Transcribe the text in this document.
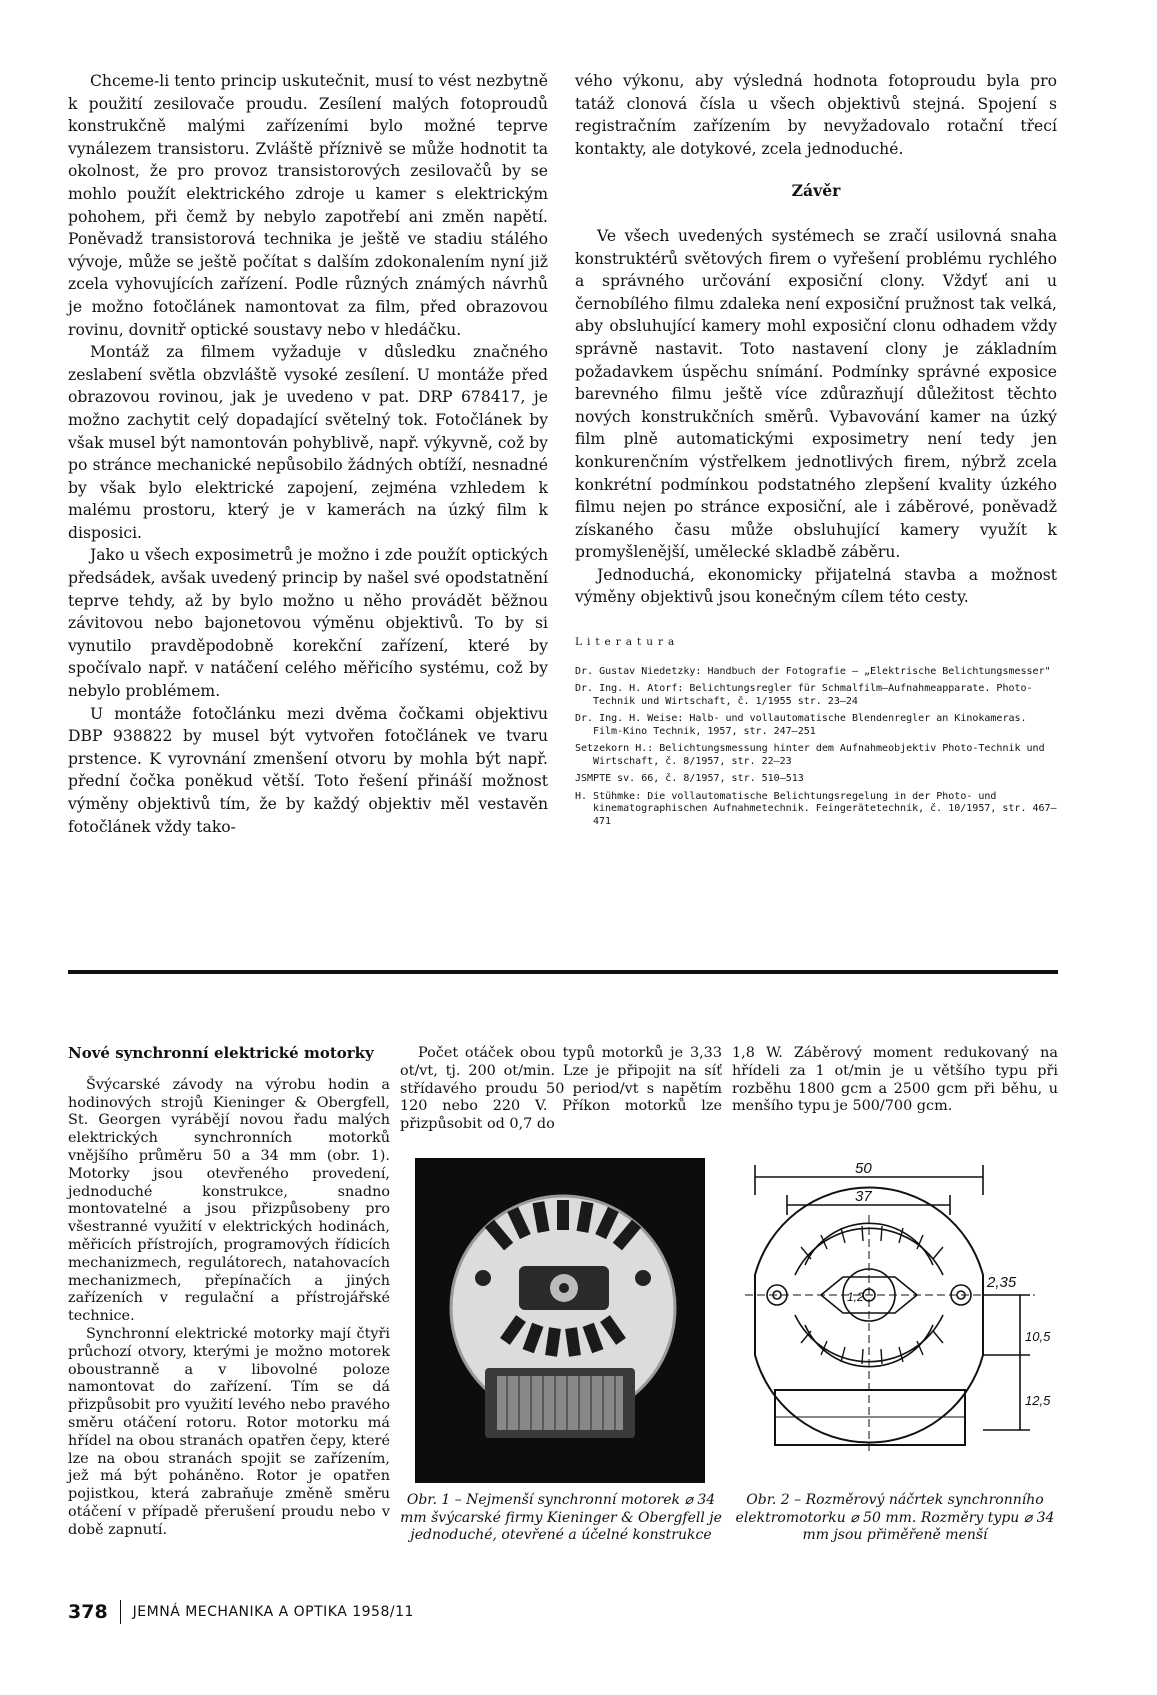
Chceme-li tento princip uskutečnit, musí to vést nezbytně k použití zesilovače proudu. Zesílení malých fotoproudů konstrukčně malými zařízeními bylo možné teprve vynálezem transistoru. Zvláště příznivě se může hodnotit ta okolnost, že pro provoz transistorových zesilovačů by se mohlo použít elektrického zdroje u kamer s elektrickým pohohem, při čemž by nebylo zapotřebí ani změn napětí. Poněvadž transistorová technika je ještě ve stadiu stálého vývoje, může se ještě počítat s dalším zdokonalením nyní již zcela vyhovujících zařízení. Podle různých známých návrhů je možno fotočlánek namontovat za film, před obrazovou rovinu, dovnitř optické soustavy nebo v hledáčku.

Montáž za filmem vyžaduje v důsledku značného zeslabení světla obzvláště vysoké zesílení. U montáže před obrazovou rovinou, jak je uvedeno v pat. DRP 678417, je možno zachytit celý dopadající světelný tok. Fotočlánek by však musel být namontován pohyblivě, např. výkyvně, což by po stránce mechanické nepůsobilo žádných obtíží, nesnadné by však bylo elektrické zapojení, zejména vzhledem k malému prostoru, který je v kamerách na úzký film k disposici.

Jako u všech exposimetrů je možno i zde použít optických předsádek, avšak uvedený princip by našel své opodstatnění teprve tehdy, až by bylo možno u něho provádět běžnou závitovou nebo bajonetovou výměnu objektivů. To by si vynutilo pravděpodobně korekční zařízení, které by spočívalo např. v natáčení celého měřicího systému, což by nebylo problémem.

U montáže fotočlánku mezi dvěma čočkami objektivu DBP 938822 by musel být vytvořen fotočlánek ve tvaru prstence. K vyrovnání zmenšení otvoru by mohla být např. přední čočka poněkud větší. Toto řešení přináší možnost výměny objektivů tím, že by každý objektiv měl vestavěn fotočlánek vždy tako-

vého výkonu, aby výsledná hodnota fotoproudu byla pro tatáž clonová čísla u všech objektivů stejná. Spojení s registračním zařízením by nevyžadovalo rotační třecí kontakty, ale dotykové, zcela jednoduché.

Závěr

Ve všech uvedených systémech se zračí usilovná snaha konstruktérů světových firem o vyřešení problému rychlého a správného určování exposiční clony. Vždyť ani u černobílého filmu zdaleka není exposiční pružnost tak velká, aby obsluhující kamery mohl exposiční clonu odhadem vždy správně nastavit. Toto nastavení clony je základním požadavkem úspěchu snímání. Podmínky správné exposice barevného filmu ještě více zdůrazňují důležitost těchto nových konstrukčních směrů. Vybavování kamer na úzký film plně automatickými exposimetry není tedy jen konkurenčním výstřelkem jednotlivých firem, nýbrž zcela konkrétní podmínkou podstatného zlepšení kvality úzkého filmu nejen po stránce exposiční, ale i záběrové, poněvadž získaného času může obsluhující kamery využít k promyšlenější, umělecké skladbě záběru.

Jednoduchá, ekonomicky přijatelná stavba a možnost výměny objektivů jsou konečným cílem této cesty.

Literatura
Dr. Gustav Niedetzky: Handbuch der Fotografie — „Elektrische Belichtungsmesser"
Dr. Ing. H. Atorf: Belichtungsregler für Schmalfilm—Aufnahmeapparate. Photo-Technik und Wirtschaft, č. 1/1955 str. 23—24
Dr. Ing. H. Weise: Halb- und vollautomatische Blendenregler an Kinokameras. Film-Kino Technik, 1957, str. 247—251
Setzekorn H.: Belichtungsmessung hinter dem Aufnahmeobjektiv Photo-Technik und Wirtschaft, č. 8/1957, str. 22—23
JSMPTE sv. 66, č. 8/1957, str. 510—513
H. Stühmke: Die vollautomatische Belichtungsregelung in der Photo- und kinematographischen Aufnahmetechnik. Feingerätetechnik, č. 10/1957, str. 467—471
Nové synchronní elektrické motorky

Švýcarské závody na výrobu hodin a hodinových strojů Kieninger & Obergfell, St. Georgen vyrábějí novou řadu malých elektrických synchronních motorků vnějšího průměru 50 a 34 mm (obr. 1). Motorky jsou otevřeného provedení, jednoduché konstrukce, snadno montovatelné a jsou přizpůsobeny pro všestranné využití v elektrických hodinách, měřicích přístrojích, programových řídicích mechanizmech, regulátorech, natahovacích mechanizmech, přepínačích a jiných zařízeních v regulační a přístrojářské technice.

Synchronní elektrické motorky mají čtyři průchozí otvory, kterými je možno motorek oboustranně a v libovolné poloze namontovat do zařízení. Tím se dá přizpůsobit pro využití levého nebo pravého směru otáčení rotoru. Rotor motorku má hřídel na obou stranách opatřen čepy, které lze na obou stranách spojit se zařízením, jež má být poháněno. Rotor je opatřen pojistkou, která zabraňuje změně směru otáčení v případě přerušení proudu nebo v době zapnutí.

Počet otáček obou typů motorků je 3,33 ot/vt, tj. 200 ot/min. Lze je připojit na síť střídavého proudu 50 period/vt s napětím 120 nebo 220 V. Příkon motorků lze přizpůsobit od 0,7 do

1,8 W. Záběrový moment redukovaný na hřídeli za 1 ot/min je u většího typu při rozběhu 1800 gcm a 2500 gcm při běhu, u menšího typu je 500/700 gcm.

50
37
2,35
1,2
10,5
12,5
Obr. 1 – Nejmenší synchronní motorek ⌀ 34 mm švýcarské firmy Kieninger & Obergfell je jednoduché, otevřené a účelné konstrukce
Obr. 2 – Rozměrový náčrtek synchronního elektromotorku ⌀ 50 mm. Rozměry typu ⌀ 34 mm jsou přiměřeně menší
378 JEMNÁ MECHANIKA A OPTIKA 1958/11
